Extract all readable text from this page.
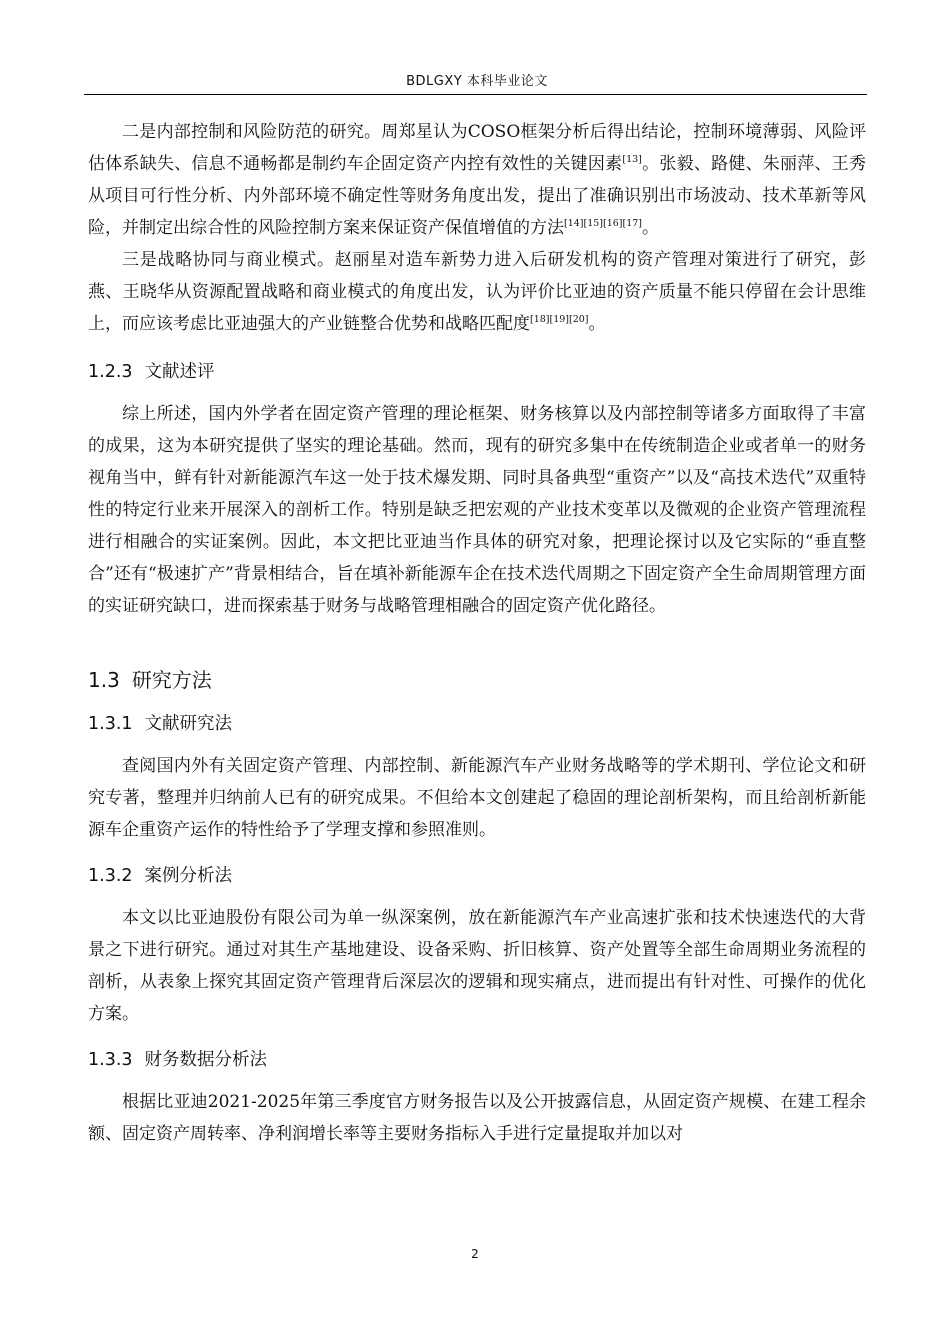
BDLGXY 本科毕业论文

二是内部控制和风险防范的研究。周郑星认为COSO框架分析后得出结论，控制环境薄弱、风险评估体系缺失、信息不通畅都是制约车企固定资产内控有效性的关键因素[13]。张毅、路健、朱丽萍、王秀从项目可行性分析、内外部环境不确定性等财务角度出发，提出了准确识别出市场波动、技术革新等风险，并制定出综合性的风险控制方案来保证资产保值增值的方法[14][15][16][17]。

三是战略协同与商业模式。赵丽星对造车新势力进入后研发机构的资产管理对策进行了研究，彭燕、王晓华从资源配置战略和商业模式的角度出发，认为评价比亚迪的资产质量不能只停留在会计思维上，而应该考虑比亚迪强大的产业链整合优势和战略匹配度[18][19][20]。

1.2.3 文献述评

综上所述，国内外学者在固定资产管理的理论框架、财务核算以及内部控制等诸多方面取得了丰富的成果，这为本研究提供了坚实的理论基础。然而，现有的研究多集中在传统制造企业或者单一的财务视角当中，鲜有针对新能源汽车这一处于技术爆发期、同时具备典型“重资产”以及“高技术迭代”双重特性的特定行业来开展深入的剖析工作。特别是缺乏把宏观的产业技术变革以及微观的企业资产管理流程进行相融合的实证案例。因此，本文把比亚迪当作具体的研究对象，把理论探讨以及它实际的“垂直整合”还有“极速扩产”背景相结合，旨在填补新能源车企在技术迭代周期之下固定资产全生命周期管理方面的实证研究缺口，进而探索基于财务与战略管理相融合的固定资产优化路径。

1.3 研究方法
1.3.1 文献研究法

查阅国内外有关固定资产管理、内部控制、新能源汽车产业财务战略等的学术期刊、学位论文和研究专著，整理并归纳前人已有的研究成果。不但给本文创建起了稳固的理论剖析架构，而且给剖析新能源车企重资产运作的特性给予了学理支撑和参照准则。

1.3.2 案例分析法

本文以比亚迪股份有限公司为单一纵深案例，放在新能源汽车产业高速扩张和技术快速迭代的大背景之下进行研究。通过对其生产基地建设、设备采购、折旧核算、资产处置等全部生命周期业务流程的剖析，从表象上探究其固定资产管理背后深层次的逻辑和现实痛点，进而提出有针对性、可操作的优化方案。

1.3.3 财务数据分析法

根据比亚迪2021-2025年第三季度官方财务报告以及公开披露信息，从固定资产规模、在建工程余额、固定资产周转率、净利润增长率等主要财务指标入手进行定量提取并加以对

2
